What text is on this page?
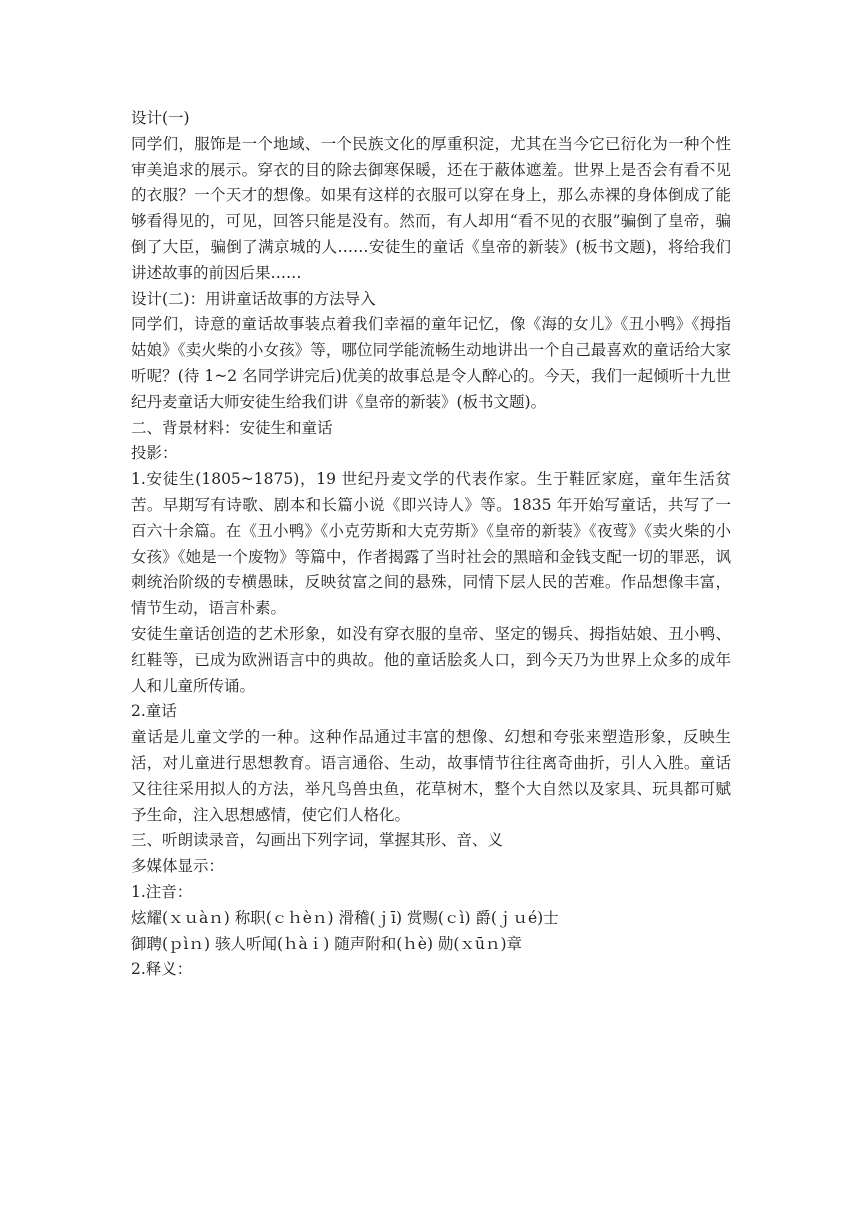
设计(一)

同学们，服饰是一个地域、一个民族文化的厚重积淀，尤其在当今它已衍化为一种个性审美追求的展示。穿衣的目的除去御寒保暖，还在于蔽体遮羞。世界上是否会有看不见的衣服？一个天才的想像。如果有这样的衣服可以穿在身上，那么赤裸的身体倒成了能够看得见的，可见，回答只能是没有。然而，有人却用“看不见的衣服”骗倒了皇帝，骗倒了大臣，骗倒了满京城的人……安徒生的童话《皇帝的新装》(板书文题)，将给我们讲述故事的前因后果……

设计(二)：用讲童话故事的方法导入

同学们，诗意的童话故事装点着我们幸福的童年记忆，像《海的女儿》《丑小鸭》《拇指姑娘》《卖火柴的小女孩》等，哪位同学能流畅生动地讲出一个自己最喜欢的童话给大家听呢？(待 1~2 名同学讲完后)优美的故事总是令人醉心的。今天，我们一起倾听十九世纪丹麦童话大师安徒生给我们讲《皇帝的新装》(板书文题)。

二、背景材料：安徒生和童话

投影：

1.安徒生(1805~1875)，19 世纪丹麦文学的代表作家。生于鞋匠家庭，童年生活贫苦。早期写有诗歌、剧本和长篇小说《即兴诗人》等。1835 年开始写童话，共写了一百六十余篇。在《丑小鸭》《小克劳斯和大克劳斯》《皇帝的新装》《夜莺》《卖火柴的小女孩》《她是一个废物》等篇中，作者揭露了当时社会的黑暗和金钱支配一切的罪恶，讽刺统治阶级的专横愚昧，反映贫富之间的悬殊，同情下层人民的苦难。作品想像丰富，情节生动，语言朴素。

安徒生童话创造的艺术形象，如没有穿衣服的皇帝、坚定的锡兵、拇指姑娘、丑小鸭、红鞋等，已成为欧洲语言中的典故。他的童话脍炙人口，到今天乃为世界上众多的成年人和儿童所传诵。

2.童话

童话是儿童文学的一种。这种作品通过丰富的想像、幻想和夸张来塑造形象，反映生活，对儿童进行思想教育。语言通俗、生动，故事情节往往离奇曲折，引人入胜。童话又往往采用拟人的方法，举凡鸟兽虫鱼，花草树木，整个大自然以及家具、玩具都可赋予生命，注入思想感情，使它们人格化。

三、听朗读录音，勾画出下列字词，掌握其形、音、义

多媒体显示：

1.注音：

炫耀(ｘｕàｎ) 称职(ｃｈèｎ) 滑稽(ｊī) 赏赐(ｃì) 爵(ｊｕé)士

御聘(ｐìｎ) 骇人听闻(ｈàｉ) 随声附和(ｈè) 勋(ｘūｎ)章

2.释义：
